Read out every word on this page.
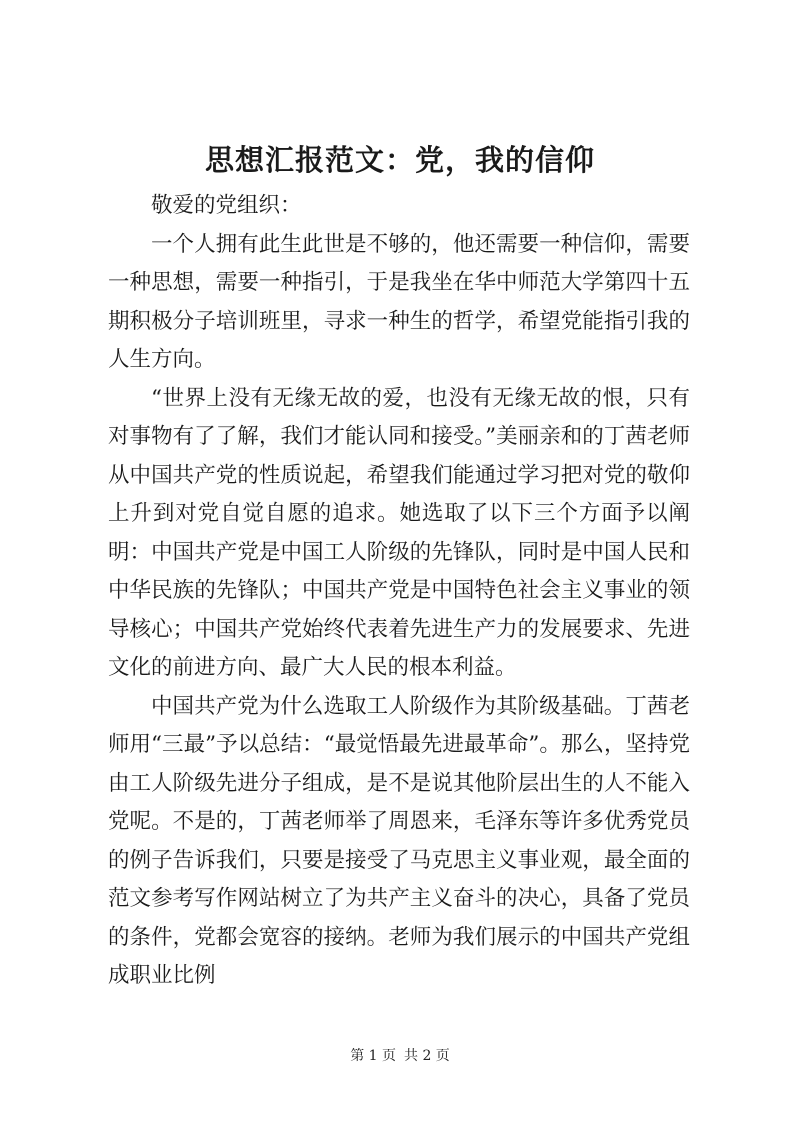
思想汇报范文：党，我的信仰

敬爱的党组织：

一个人拥有此生此世是不够的，他还需要一种信仰，需要一种思想，需要一种指引，于是我坐在华中师范大学第四十五期积极分子培训班里，寻求一种生的哲学，希望党能指引我的人生方向。

“世界上没有无缘无故的爱，也没有无缘无故的恨，只有对事物有了了解，我们才能认同和接受。”美丽亲和的丁茜老师从中国共产党的性质说起，希望我们能通过学习把对党的敬仰上升到对党自觉自愿的追求。她选取了以下三个方面予以阐明：中国共产党是中国工人阶级的先锋队，同时是中国人民和中华民族的先锋队；中国共产党是中国特色社会主义事业的领导核心；中国共产党始终代表着先进生产力的发展要求、先进文化的前进方向、最广大人民的根本利益。

中国共产党为什么选取工人阶级作为其阶级基础。丁茜老师用“三最”予以总结：“最觉悟最先进最革命”。那么，坚持党由工人阶级先进分子组成，是不是说其他阶层出生的人不能入党呢。不是的，丁茜老师举了周恩来，毛泽东等许多优秀党员的例子告诉我们，只要是接受了马克思主义事业观，最全面的范文参考写作网站树立了为共产主义奋斗的决心，具备了党员的条件，党都会宽容的接纳。老师为我们展示的中国共产党组成职业比例

第 1 页 共 2 页
